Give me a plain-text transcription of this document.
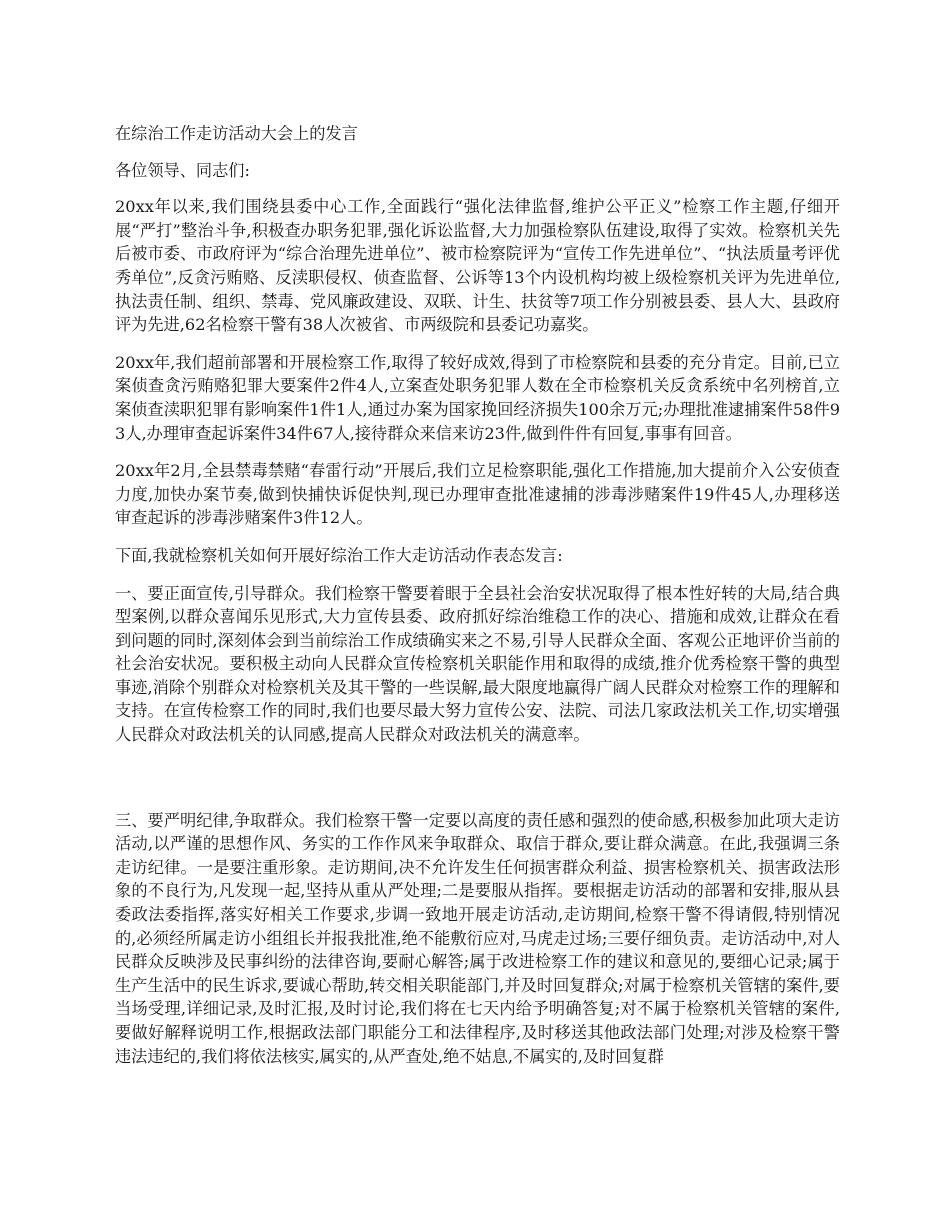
在综治工作走访活动大会上的发言

各位领导、同志们:

20xx年以来,我们围绕县委中心工作,全面践行“强化法律监督,维护公平正义”检察工作主题,仔细开展“严打”整治斗争,积极查办职务犯罪,强化诉讼监督,大力加强检察队伍建设,取得了实效。检察机关先后被市委、市政府评为“综合治理先进单位”、被市检察院评为“宣传工作先进单位”、“执法质量考评优秀单位”,反贪污贿赂、反渎职侵权、侦查监督、公诉等13个内设机构均被上级检察机关评为先进单位,执法责任制、组织、禁毒、党风廉政建设、双联、计生、扶贫等7项工作分别被县委、县人大、县政府评为先进,62名检察干警有38人次被省、市两级院和县委记功嘉奖。

20xx年,我们超前部署和开展检察工作,取得了较好成效,得到了市检察院和县委的充分肯定。目前,已立案侦查贪污贿赂犯罪大要案件2件4人,立案查处职务犯罪人数在全市检察机关反贪系统中名列榜首,立案侦查渎职犯罪有影响案件1件1人,通过办案为国家挽回经济损失100余万元;办理批准逮捕案件58件93人,办理审查起诉案件34件67人,接待群众来信来访23件,做到件件有回复,事事有回音。

20xx年2月,全县禁毒禁赌“春雷行动”开展后,我们立足检察职能,强化工作措施,加大提前介入公安侦查力度,加快办案节奏,做到快捕快诉促快判,现已办理审查批准逮捕的涉毒涉赌案件19件45人,办理移送审查起诉的涉毒涉赌案件3件12人。

下面,我就检察机关如何开展好综治工作大走访活动作表态发言:

一、要正面宣传,引导群众。我们检察干警要着眼于全县社会治安状况取得了根本性好转的大局,结合典型案例,以群众喜闻乐见形式,大力宣传县委、政府抓好综治维稳工作的决心、措施和成效,让群众在看到问题的同时,深刻体会到当前综治工作成绩确实来之不易,引导人民群众全面、客观公正地评价当前的社会治安状况。要积极主动向人民群众宣传检察机关职能作用和取得的成绩,推介优秀检察干警的典型事迹,消除个别群众对检察机关及其干警的一些误解,最大限度地赢得广阔人民群众对检察工作的理解和支持。在宣传检察工作的同时,我们也要尽最大努力宣传公安、法院、司法几家政法机关工作,切实增强人民群众对政法机关的认同感,提高人民群众对政法机关的满意率。

三、要严明纪律,争取群众。我们检察干警一定要以高度的责任感和强烈的使命感,积极参加此项大走访活动,以严谨的思想作风、务实的工作作风来争取群众、取信于群众,要让群众满意。在此,我强调三条走访纪律。一是要注重形象。走访期间,决不允许发生任何损害群众利益、损害检察机关、损害政法形象的不良行为,凡发现一起,坚持从重从严处理;二是要服从指挥。要根据走访活动的部署和安排,服从县委政法委指挥,落实好相关工作要求,步调一致地开展走访活动,走访期间,检察干警不得请假,特别情况的,必须经所属走访小组组长并报我批准,绝不能敷衍应对,马虎走过场;三要仔细负责。走访活动中,对人民群众反映涉及民事纠纷的法律咨询,要耐心解答;属于改进检察工作的建议和意见的,要细心记录;属于生产生活中的民生诉求,要诚心帮助,转交相关职能部门,并及时回复群众;对属于检察机关管辖的案件,要当场受理,详细记录,及时汇报,及时讨论,我们将在七天内给予明确答复;对不属于检察机关管辖的案件,要做好解释说明工作,根据政法部门职能分工和法律程序,及时移送其他政法部门处理;对涉及检察干警违法违纪的,我们将依法核实,属实的,从严查处,绝不姑息,不属实的,及时回复群
